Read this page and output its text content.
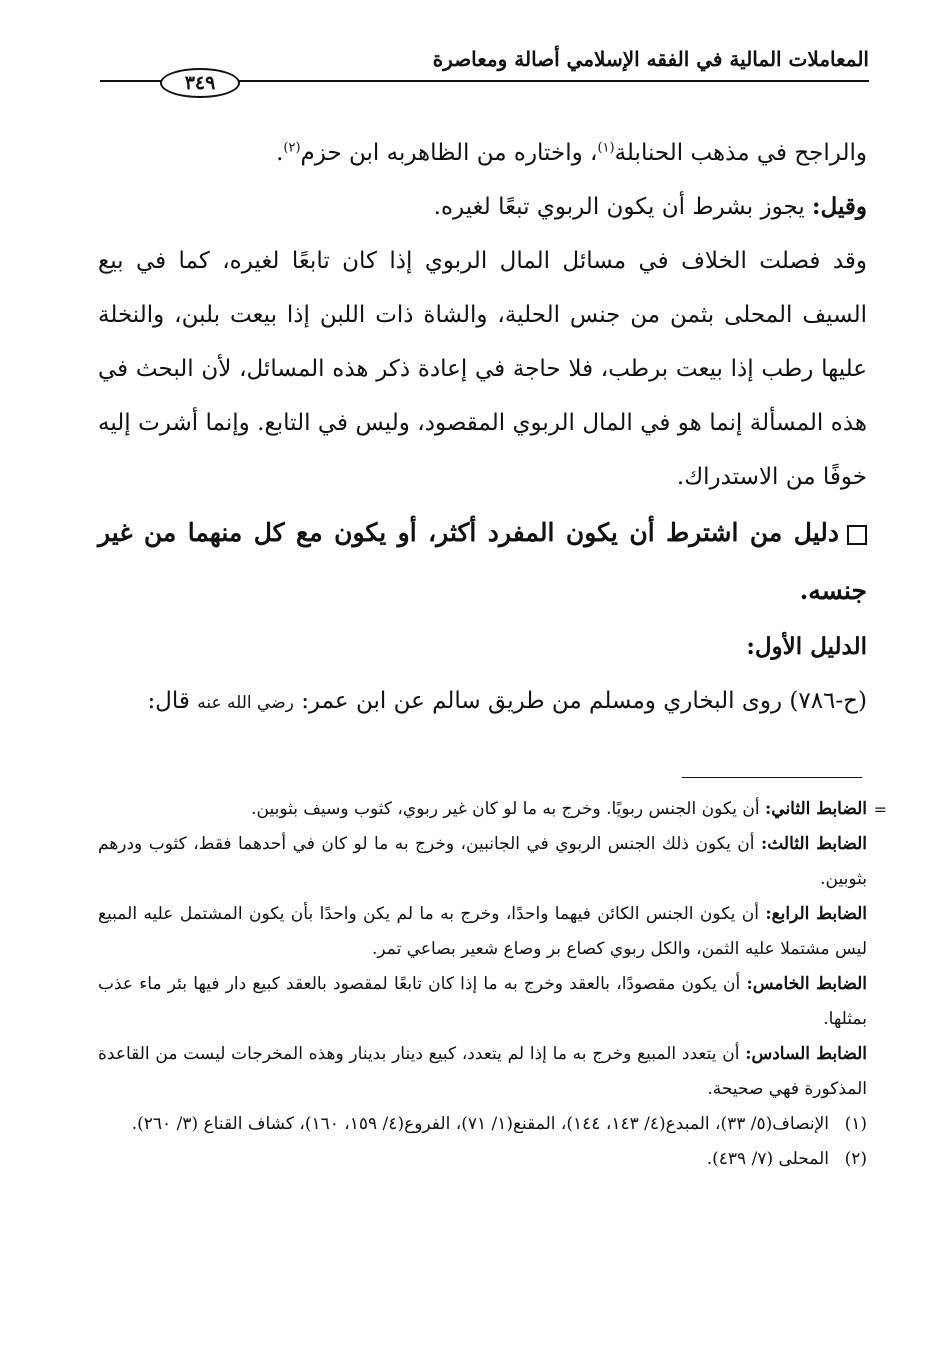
المعاملات المالية في الفقه الإسلامي أصالة ومعاصرة
٣٤٩

والراجح في مذهب الحنابلة$^{(١)}$، واختاره من الظاهربه ابن حزم$^{(٢)}$.

وقيل: يجوز بشرط أن يكون الربوي تبعًا لغيره.

وقد فصلت الخلاف في مسائل المال الربوي إذا كان تابعًا لغيره، كما في بيع السيف المحلى بثمن من جنس الحلية، والشاة ذات اللبن إذا بيعت بلبن، والنخلة عليها رطب إذا بيعت برطب، فلا حاجة في إعادة ذكر هذه المسائل، لأن البحث في هذه المسألة إنما هو في المال الربوي المقصود، وليس في التابع. وإنما أشرت إليه خوفًا من الاستدراك.

دليل من اشترط أن يكون المفرد أكثر، أو يكون مع كل منهما من غير جنسه.

الدليل الأول:

(ح-٧٨٦) روى البخاري ومسلم من طريق سالم عن ابن عمر: رضي الله عنه قال:

=
الضابط الثاني: أن يكون الجنس ربويًا. وخرج به ما لو كان غير ربوي، كثوب وسيف بثوبين.

الضابط الثالث: أن يكون ذلك الجنس الربوي في الجانبين، وخرج به ما لو كان في أحدهما فقط، كثوب ودرهم بثوبين.

الضابط الرابع: أن يكون الجنس الكائن فيهما واحدًا، وخرج به ما لم يكن واحدًا بأن يكون المشتمل عليه المبيع ليس مشتملا عليه الثمن، والكل ربوي كصاع بر وصاع شعير بصاعي تمر.

الضابط الخامس: أن يكون مقصودًا، بالعقد وخرج به ما إذا كان تابعًا لمقصود بالعقد كبيع دار فيها بئر ماء عذب بمثلها.

الضابط السادس: أن يتعدد المبيع وخرج به ما إذا لم يتعدد، كبيع دينار بدينار وهذه المخرجات ليست من القاعدة المذكورة فهي صحيحة.

(١)الإنصاف(٥/ ٣٣)، المبدع(٤/ ١٤٣، ١٤٤)، المقنع(١/ ٧١)، الفروع(٤/ ١٥٩، ١٦٠)، كشاف القناع (٣/ ٢٦٠).

(٢)المحلى (٧/ ٤٣٩).
